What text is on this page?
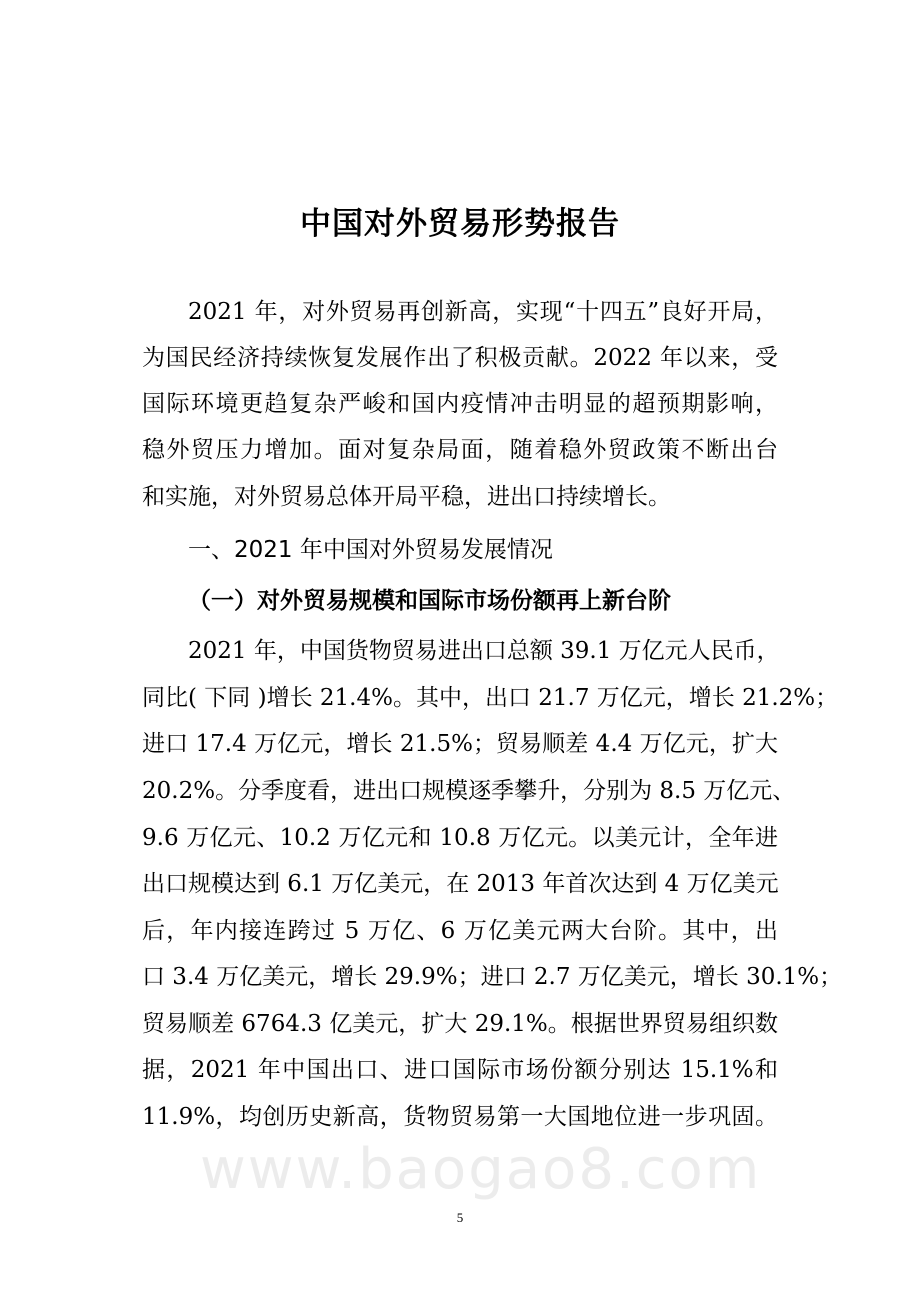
中国对外贸易形势报告
2021 年，对外贸易再创新高，实现“十四五”良好开局，
为国民经济持续恢复发展作出了积极贡献。2022 年以来，受
国际环境更趋复杂严峻和国内疫情冲击明显的超预期影响，
稳外贸压力增加。面对复杂局面，随着稳外贸政策不断出台
和实施，对外贸易总体开局平稳，进出口持续增长。
一、2021 年中国对外贸易发展情况
（一）对外贸易规模和国际市场份额再上新台阶
2021 年，中国货物贸易进出口总额 39.1 万亿元人民币，
同比( 下同 )增长 21.4%。其中，出口 21.7 万亿元，增长 21.2%；
进口 17.4 万亿元，增长 21.5%；贸易顺差 4.4 万亿元，扩大
20.2%。分季度看，进出口规模逐季攀升，分别为 8.5 万亿元、
9.6 万亿元、10.2 万亿元和 10.8 万亿元。以美元计，全年进
出口规模达到 6.1 万亿美元，在 2013 年首次达到 4 万亿美元
后，年内接连跨过 5 万亿、6 万亿美元两大台阶。其中，出
口 3.4 万亿美元，增长 29.9%；进口 2.7 万亿美元，增长 30.1%；
贸易顺差 6764.3 亿美元，扩大 29.1%。根据世界贸易组织数
据，2021 年中国出口、进口国际市场份额分别达 15.1%和
11.9%，均创历史新高，货物贸易第一大国地位进一步巩固。
www.baogao8.com
5
